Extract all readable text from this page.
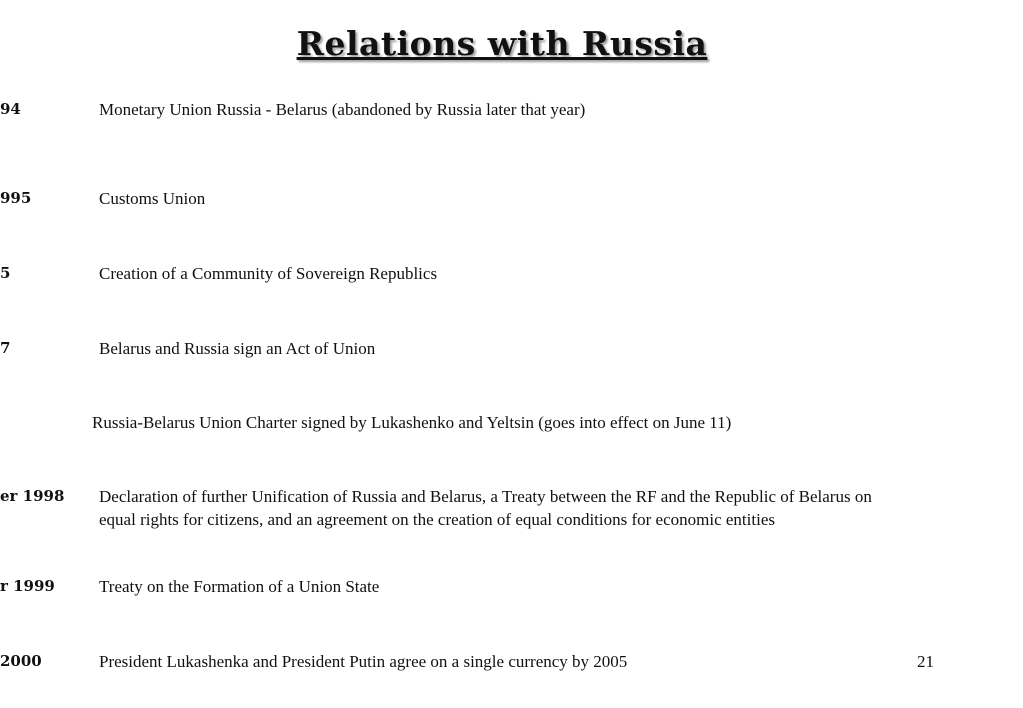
Relations with Russia
94	Monetary Union Russia - Belarus (abandoned by Russia later that year)
995	Customs Union
5	Creation of a Community of Sovereign Republics
7	Belarus and Russia sign an Act of Union
Russia-Belarus Union Charter signed by Lukashenko and Yeltsin (goes into effect on June 11)
er 1998	Declaration of further Unification of Russia and Belarus, a Treaty between the RF and the Republic of Belarus on equal rights for citizens, and an agreement on the creation of equal conditions for economic entities
r 1999	Treaty on the Formation of a Union State
2000	President Lukashenka and President Putin agree on a single currency by 2005	21
